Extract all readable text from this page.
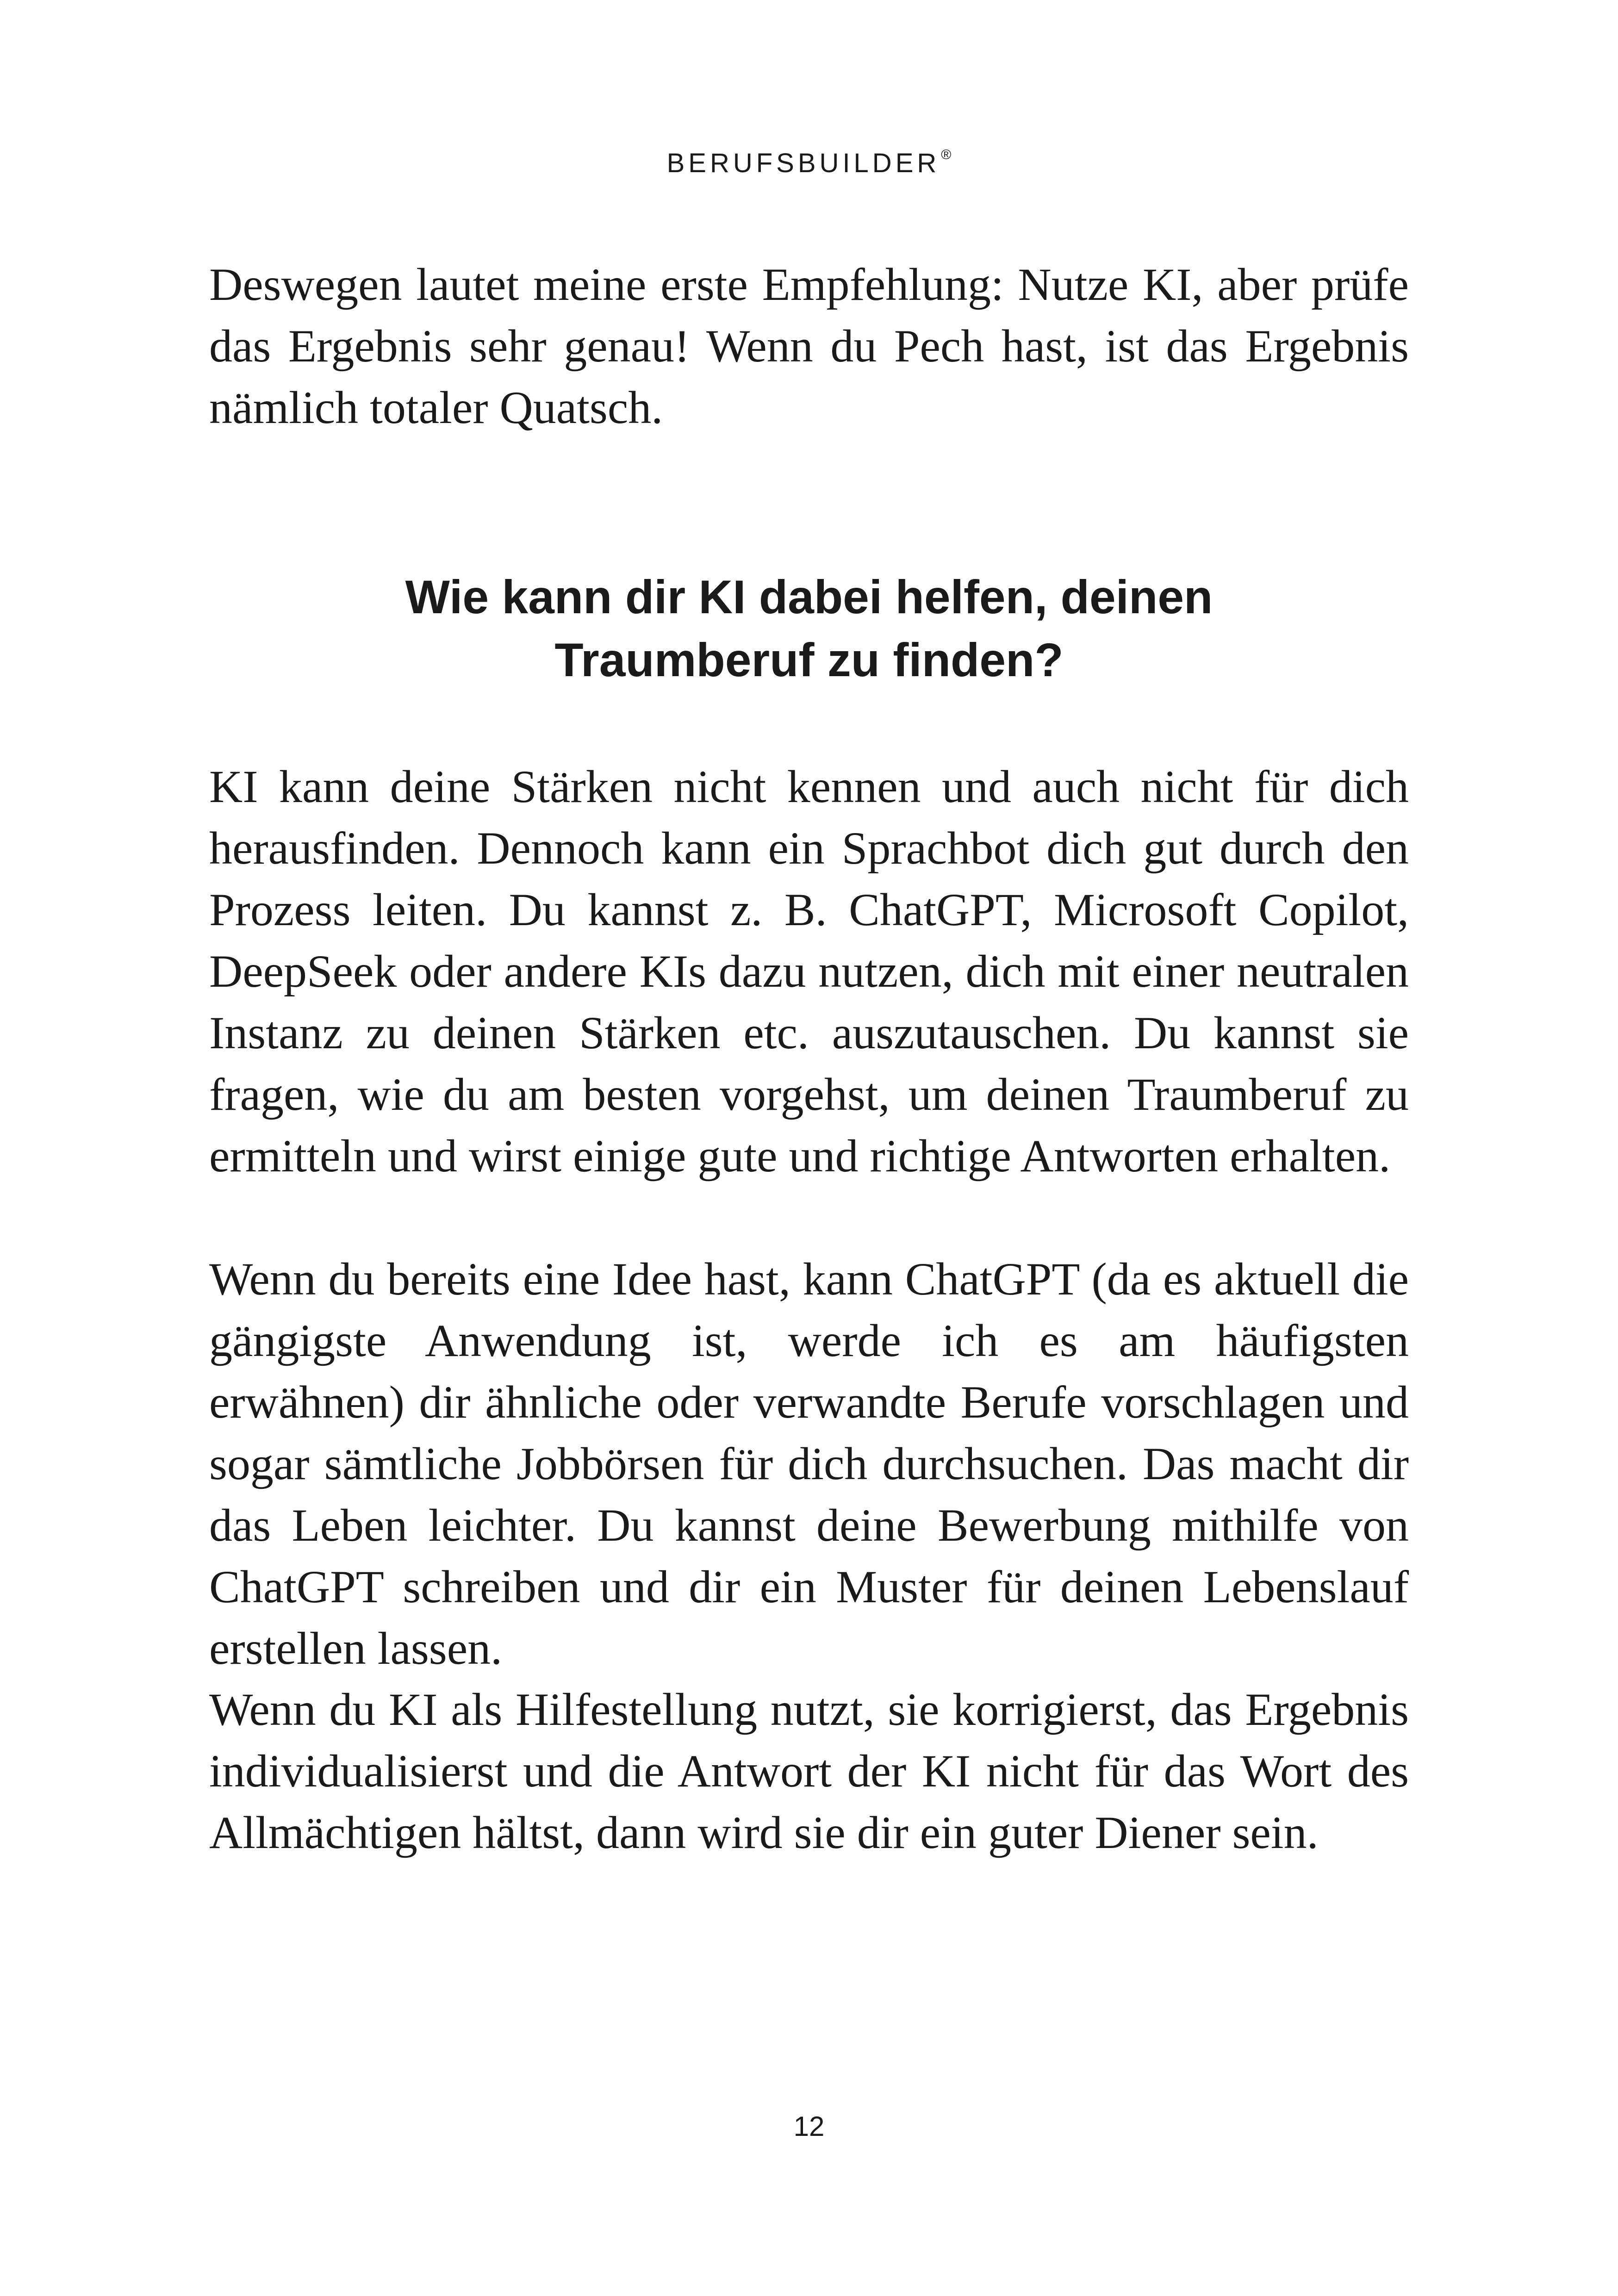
BERUFSBUILDER®

Deswegen lautet meine erste Empfehlung: Nutze KI, aber prüfe das Ergebnis sehr genau! Wenn du Pech hast, ist das Ergebnis nämlich totaler Quatsch.

Wie kann dir KI dabei helfen, deinen
Traumberuf zu finden?

KI kann deine Stärken nicht kennen und auch nicht für dich herausfinden. Dennoch kann ein Sprachbot dich gut durch den Prozess leiten. Du kannst z. B. ChatGPT, Microsoft Copilot, DeepSeek oder andere KIs dazu nutzen, dich mit einer neutralen Instanz zu deinen Stärken etc. auszutauschen. Du kannst sie fragen, wie du am besten vorgehst, um deinen Traumberuf zu ermitteln und wirst einige gute und richtige Antworten erhalten.

Wenn du bereits eine Idee hast, kann ChatGPT (da es aktuell die gängigste Anwendung ist, werde ich es am häufigsten erwähnen) dir ähnliche oder verwandte Berufe vorschlagen und sogar sämtliche Jobbörsen für dich durchsuchen. Das macht dir das Leben leichter. Du kannst deine Bewerbung mithilfe von ChatGPT schreiben und dir ein Muster für deinen Lebenslauf erstellen lassen.

Wenn du KI als Hilfestellung nutzt, sie korrigierst, das Ergebnis individualisierst und die Antwort der KI nicht für das Wort des Allmächtigen hältst, dann wird sie dir ein guter Diener sein.

12
